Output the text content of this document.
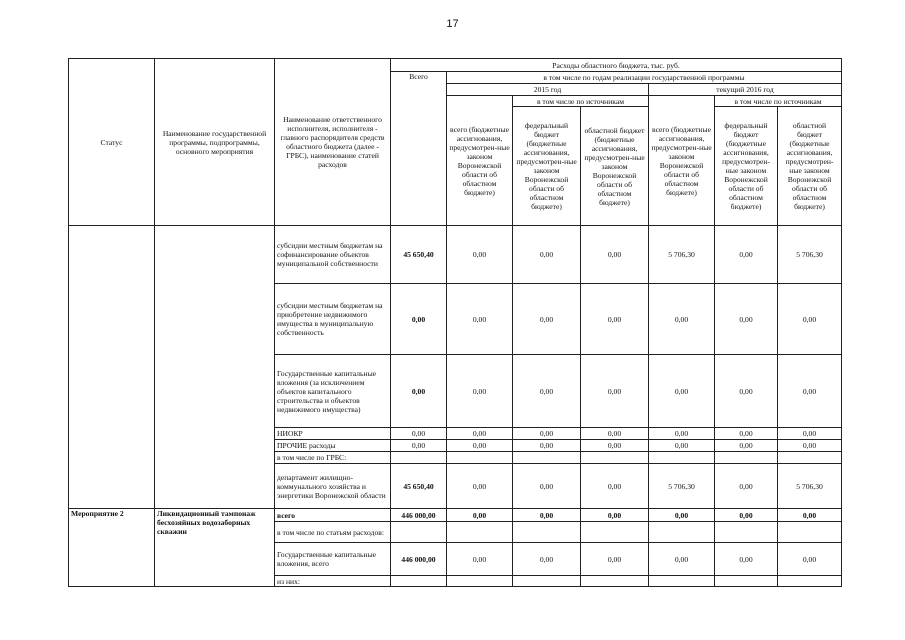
17
Статус	Наименование государственной программы, подпрограммы, основного мероприятия	Наименование ответственного исполнителя, исполнителя - главного распорядителя средств областного бюджета (далее - ГРБС), наименование статей расходов	Расходы областного бюджета, тыс. руб.						
			Всего	в том числе по годам реализации государственной программы					
				2015 год			текущий 2016 год		
				всего (бюджетные ассигнования, предусмотрен-ные законом Воронежской области об областном бюджете)	в том числе по источникам		всего (бюджетные ассигнования, предусмотрен-ные законом Воронежской области об областном бюджете)	в том числе по источникам	
					федеральный бюджет (бюджетные ассигнования, предусмотрен-ные законом Воронежской области об областном бюджете)	областной бюджет (бюджетные ассигнования, предусмотрен-ные законом Воронежской области об областном бюджете)		федеральный бюджет (бюджетные ассигнования, предусмотрен-ные законом Воронежской области об областном бюджете)	областной бюджет (бюджетные ассигнования, предусмотрен-ные законом Воронежской области об областном бюджете)
		субсидии местным бюджетам на софинансирование объектов муниципальной собственности	45 650,40	0,00	0,00	0,00	5 706,30	0,00	5 706,30
		субсидии местным бюджетам на приобретение недвижимого имущества в муниципальную собственность	0,00	0,00	0,00	0,00	0,00	0,00	0,00
		Государственные капитальные вложения (за исключением объектов капитального строительства и объектов недвижимого имущества)	0,00	0,00	0,00	0,00	0,00	0,00	0,00
		НИОКР	0,00	0,00	0,00	0,00	0,00	0,00	0,00
		ПРОЧИЕ расходы	0,00	0,00	0,00	0,00	0,00	0,00	0,00
		в том числе по ГРБС:							
		департамент жилищно-коммунального хозяйства и энергетики Воронежской области	45 650,40	0,00	0,00	0,00	5 706,30	0,00	5 706,30
Мероприятие 2	Ликвидационный тампонаж бесхозяйных водозаборных скважин	всего	446 000,00	0,00	0,00	0,00	0,00	0,00	0,00
		в том числе по статьям расходов:							
		Государственные капитальные вложения, всего	446 000,00	0,00	0,00	0,00	0,00	0,00	0,00
		из них:							
